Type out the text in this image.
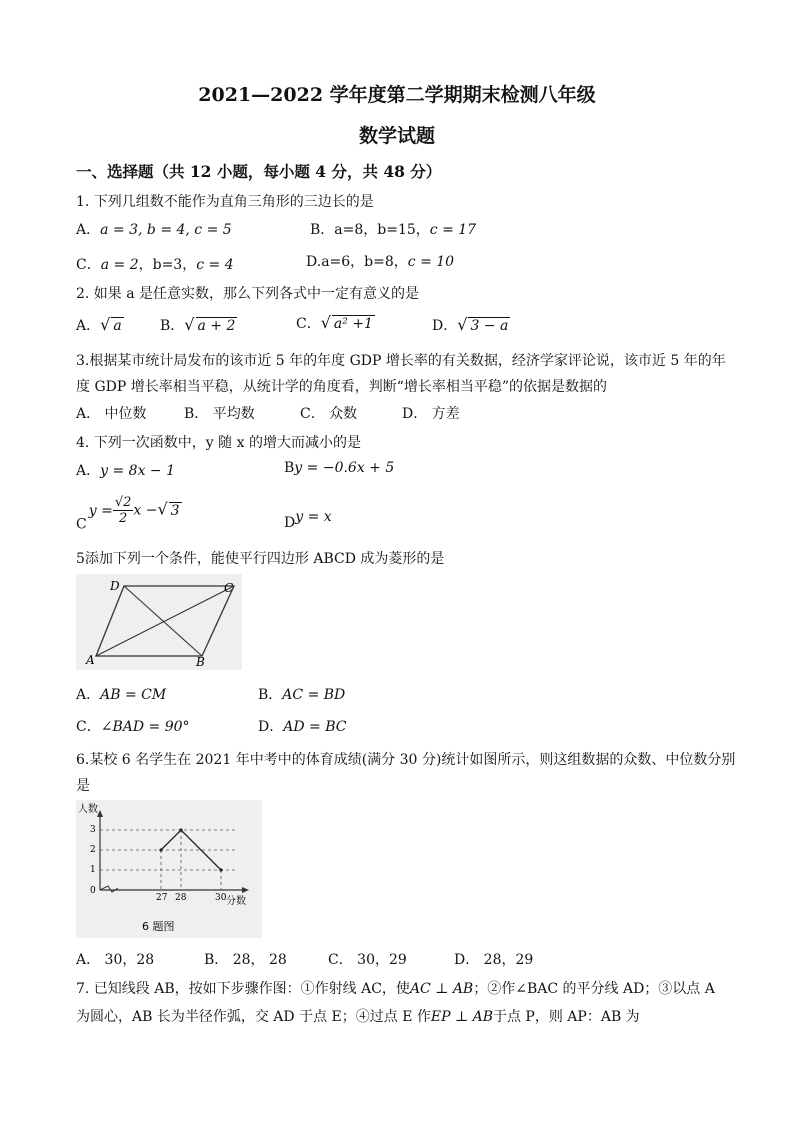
2021—2022 学年度第二学期期末检测八年级
数学试题
一、选择题（共 12 小题，每小题 4 分，共 48 分）
1. 下列几组数不能作为直角三角形的三边长的是
A．a = 3, b = 4, c = 5	B．a=8，b=15，c = 17
C．a = 2，b=3，c = 4	D.a=6，b=8，c = 10
2. 如果 a 是任意实数，那么下列各式中一定有意义的是
A．√ a	B．√ a + 2	C．√ a² +1	D．√ 3 − a
3.根据某市统计局发布的该市近 5 年的年度 GDP 增长率的有关数据，经济学家评论说，该市近 5 年的年
度 GDP 增长率相当平稳，从统计学的角度看，判断“增长率相当平稳”的依据是数据的
A． 中位数	B． 平均数	C． 众数	D． 方差
4. 下列一次函数中，y 随 x 的增大而减小的是
A．y = 8x − 1	By = −0.6x + 5
$Cy = \frac{√2}{2}$ x −√ 3
Dy = x
5添加下列一个条件，能使平行四边形 ABCD 成为菱形的是
D	C
A	B
A．AB = CM	B．AC = BD
C．∠BAD = 90°	D．AD = BC
6.某校 6 名学生在 2021 年中考中的体育成绩(满分 30 分)统计如图所示，则这组数据的众数、中位数分别
是
人数
分数
6 题图
3
2
1
0
27 28	30
A． 30，28	B． 28， 28	C． 30，29	D． 28，29
7. 已知线段 AB，按如下步骤作图：①作射线 AC，使AC ⊥ AB；②作∠BAC 的平分线 AD；③以点 A
为圆心，AB 长为半径作弧，交 AD 于点 E；④过点 E 作EP ⊥ AB于点 P，则 AP：AB 为
